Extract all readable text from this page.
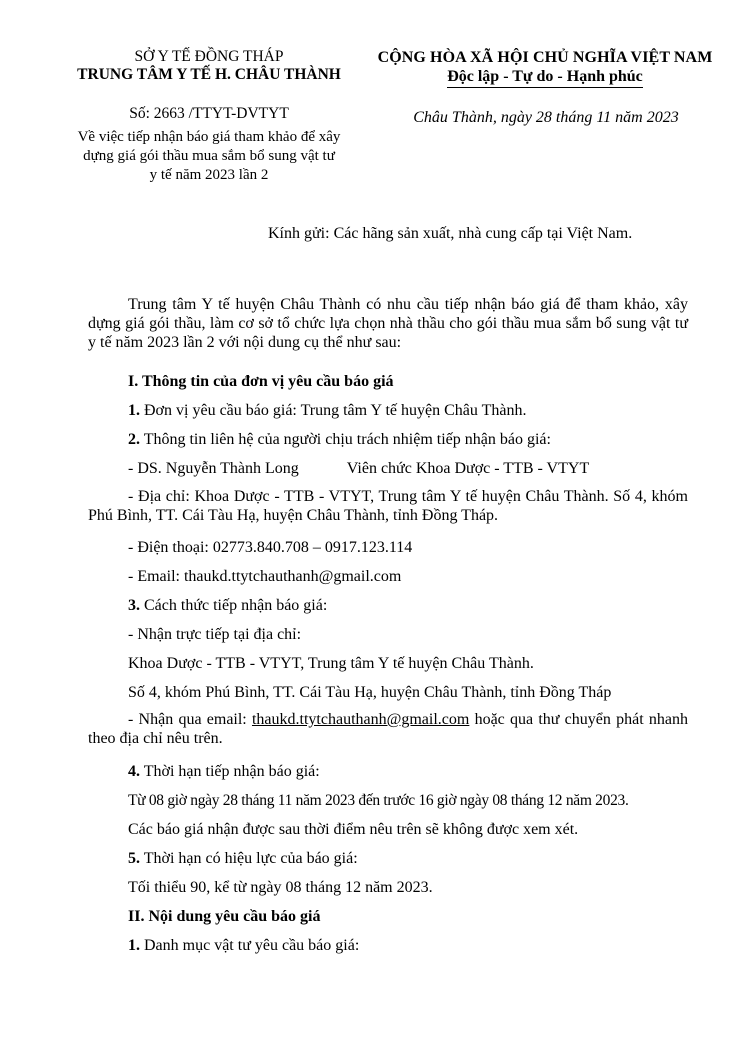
SỞ Y TẾ ĐỒNG THÁP
TRUNG TÂM Y TẾ H. CHÂU THÀNH
CỘNG HÒA XÃ HỘI CHỦ NGHĨA VIỆT NAM
Độc lập - Tự do - Hạnh phúc
Số: 2663 /TTYT-DVTYT
Về việc tiếp nhận báo giá tham khảo để xây
dựng giá gói thầu mua sắm bổ sung vật tư
y tế năm 2023 lần 2
Châu Thành, ngày 28 tháng 11 năm 2023
Kính gửi: Các hãng sản xuất, nhà cung cấp tại Việt Nam.

Trung tâm Y tế huyện Châu Thành có nhu cầu tiếp nhận báo giá để tham khảo, xây dựng giá gói thầu, làm cơ sở tổ chức lựa chọn nhà thầu cho gói thầu mua sắm bổ sung vật tư y tế năm 2023 lần 2 với nội dung cụ thể như sau:

I. Thông tin của đơn vị yêu cầu báo giá
1. Đơn vị yêu cầu báo giá: Trung tâm Y tế huyện Châu Thành.
2. Thông tin liên hệ của người chịu trách nhiệm tiếp nhận báo giá:
- DS. Nguyễn Thành Long	Viên chức Khoa Dược - TTB - VTYT

- Địa chỉ: Khoa Dược - TTB - VTYT, Trung tâm Y tế huyện Châu Thành. Số 4, khóm Phú Bình, TT. Cái Tàu Hạ, huyện Châu Thành, tỉnh Đồng Tháp.

- Điện thoại: 02773.840.708 – 0917.123.114
- Email: thaukd.ttytchauthanh@gmail.com
3. Cách thức tiếp nhận báo giá:
- Nhận trực tiếp tại địa chỉ:
Khoa Dược - TTB - VTYT, Trung tâm Y tế huyện Châu Thành.
Số 4, khóm Phú Bình, TT. Cái Tàu Hạ, huyện Châu Thành, tỉnh Đồng Tháp

- Nhận qua email: thaukd.ttytchauthanh@gmail.com hoặc qua thư chuyển phát nhanh theo địa chỉ nêu trên.

4. Thời hạn tiếp nhận báo giá:
Từ 08 giờ ngày 28 tháng 11 năm 2023 đến trước 16 giờ ngày 08 tháng 12 năm 2023.
Các báo giá nhận được sau thời điểm nêu trên sẽ không được xem xét.
5. Thời hạn có hiệu lực của báo giá:
Tối thiểu 90, kể từ ngày 08 tháng 12 năm 2023.
II. Nội dung yêu cầu báo giá
1. Danh mục vật tư yêu cầu báo giá:
